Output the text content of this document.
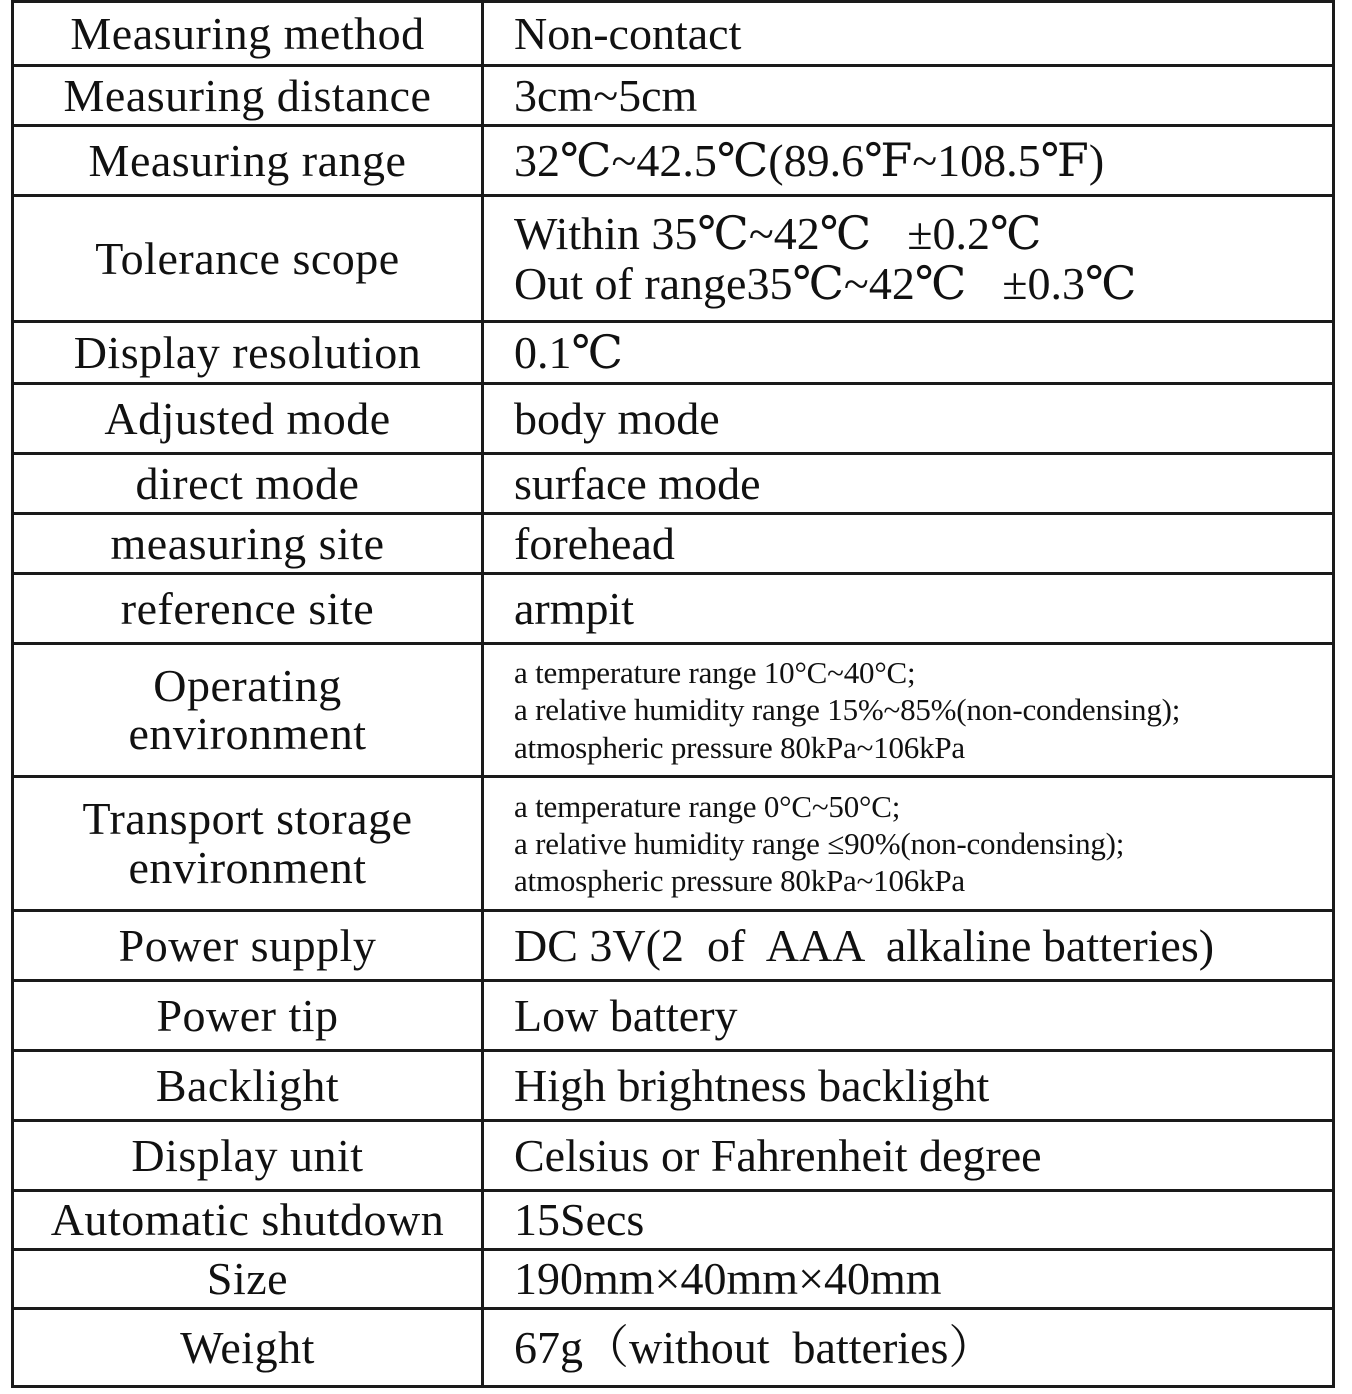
Measuring method	Non-contact
Measuring distance	3cm~5cm
Measuring range	32℃~42.5℃(89.6℉~108.5℉)
Tolerance scope	Within 35℃~42℃ ±0.2℃
Out of range35℃~42℃ ±0.3℃

Display resolution	0.1℃
Adjusted mode	body mode
direct mode	surface mode
measuring site	forehead
reference site	armpit

Operating
environment	a temperature range 10°C~40°C;
a relative humidity range 15%~85%(non-condensing);
atmospheric pressure 80kPa~106kPa

Transport storage
environment	a temperature range 0°C~50°C;
a relative humidity range ≤90%(non-condensing);
atmospheric pressure 80kPa~106kPa

Power supply	DC 3V(2  of  AAA  alkaline batteries)
Power tip	Low battery
Backlight	High brightness backlight
Display unit	Celsius or Fahrenheit degree
Automatic shutdown	15Secs
Size	190mm×40mm×40mm
Weight	67g（without  batteries）
